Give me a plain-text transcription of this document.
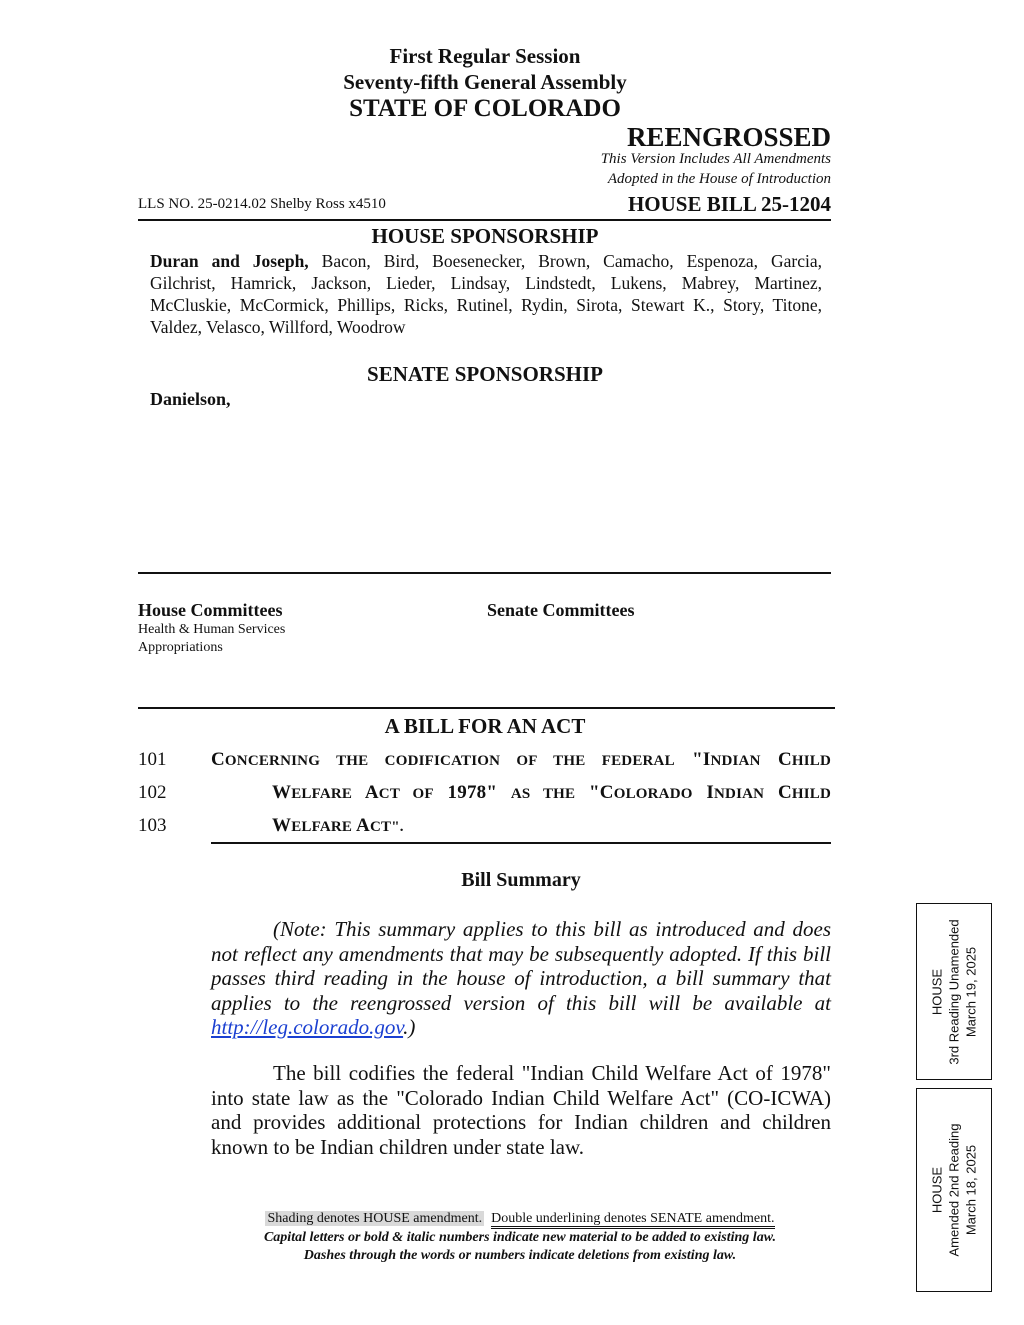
First Regular Session
Seventy-fifth General Assembly
STATE OF COLORADO
REENGROSSED
This Version Includes All Amendments
Adopted in the House of Introduction
LLS NO. 25-0214.02 Shelby Ross x4510	HOUSE BILL 25-1204
HOUSE SPONSORSHIP
Duran and Joseph, Bacon, Bird, Boesenecker, Brown, Camacho, Espenoza, Garcia,
Gilchrist, Hamrick, Jackson, Lieder, Lindsay, Lindstedt, Lukens, Mabrey, Martinez,
McCluskie, McCormick, Phillips, Ricks, Rutinel, Rydin, Sirota, Stewart K., Story, Titone,
Valdez, Velasco, Willford, Woodrow
SENATE SPONSORSHIP
Danielson,
House Committees
Health & Human Services
Appropriations
Senate Committees
A BILL FOR AN ACT
101
102
103
CONCERNING THE CODIFICATION OF THE FEDERAL "INDIAN CHILD
WELFARE ACT OF 1978" AS THE "COLORADO INDIAN CHILD
WELFARE ACT".
Bill Summary
(Note: This summary applies to this bill as introduced and does not reflect any amendments that may be subsequently adopted. If this bill passes third reading in the house of introduction, a bill summary that applies to the reengrossed version of this bill will be available at http://leg.colorado.gov.)
The bill codifies the federal "Indian Child Welfare Act of 1978" into state law as the "Colorado Indian Child Welfare Act" (CO-ICWA) and provides additional protections for Indian children and children known to be Indian children under state law.
HOUSE 3rd Reading Unamended March 19, 2025
HOUSE Amended 2nd Reading March 18, 2025
Shading denotes HOUSE amendment. Double underlining denotes SENATE amendment.
Capital letters or bold & italic numbers indicate new material to be added to existing law.
Dashes through the words or numbers indicate deletions from existing law.
